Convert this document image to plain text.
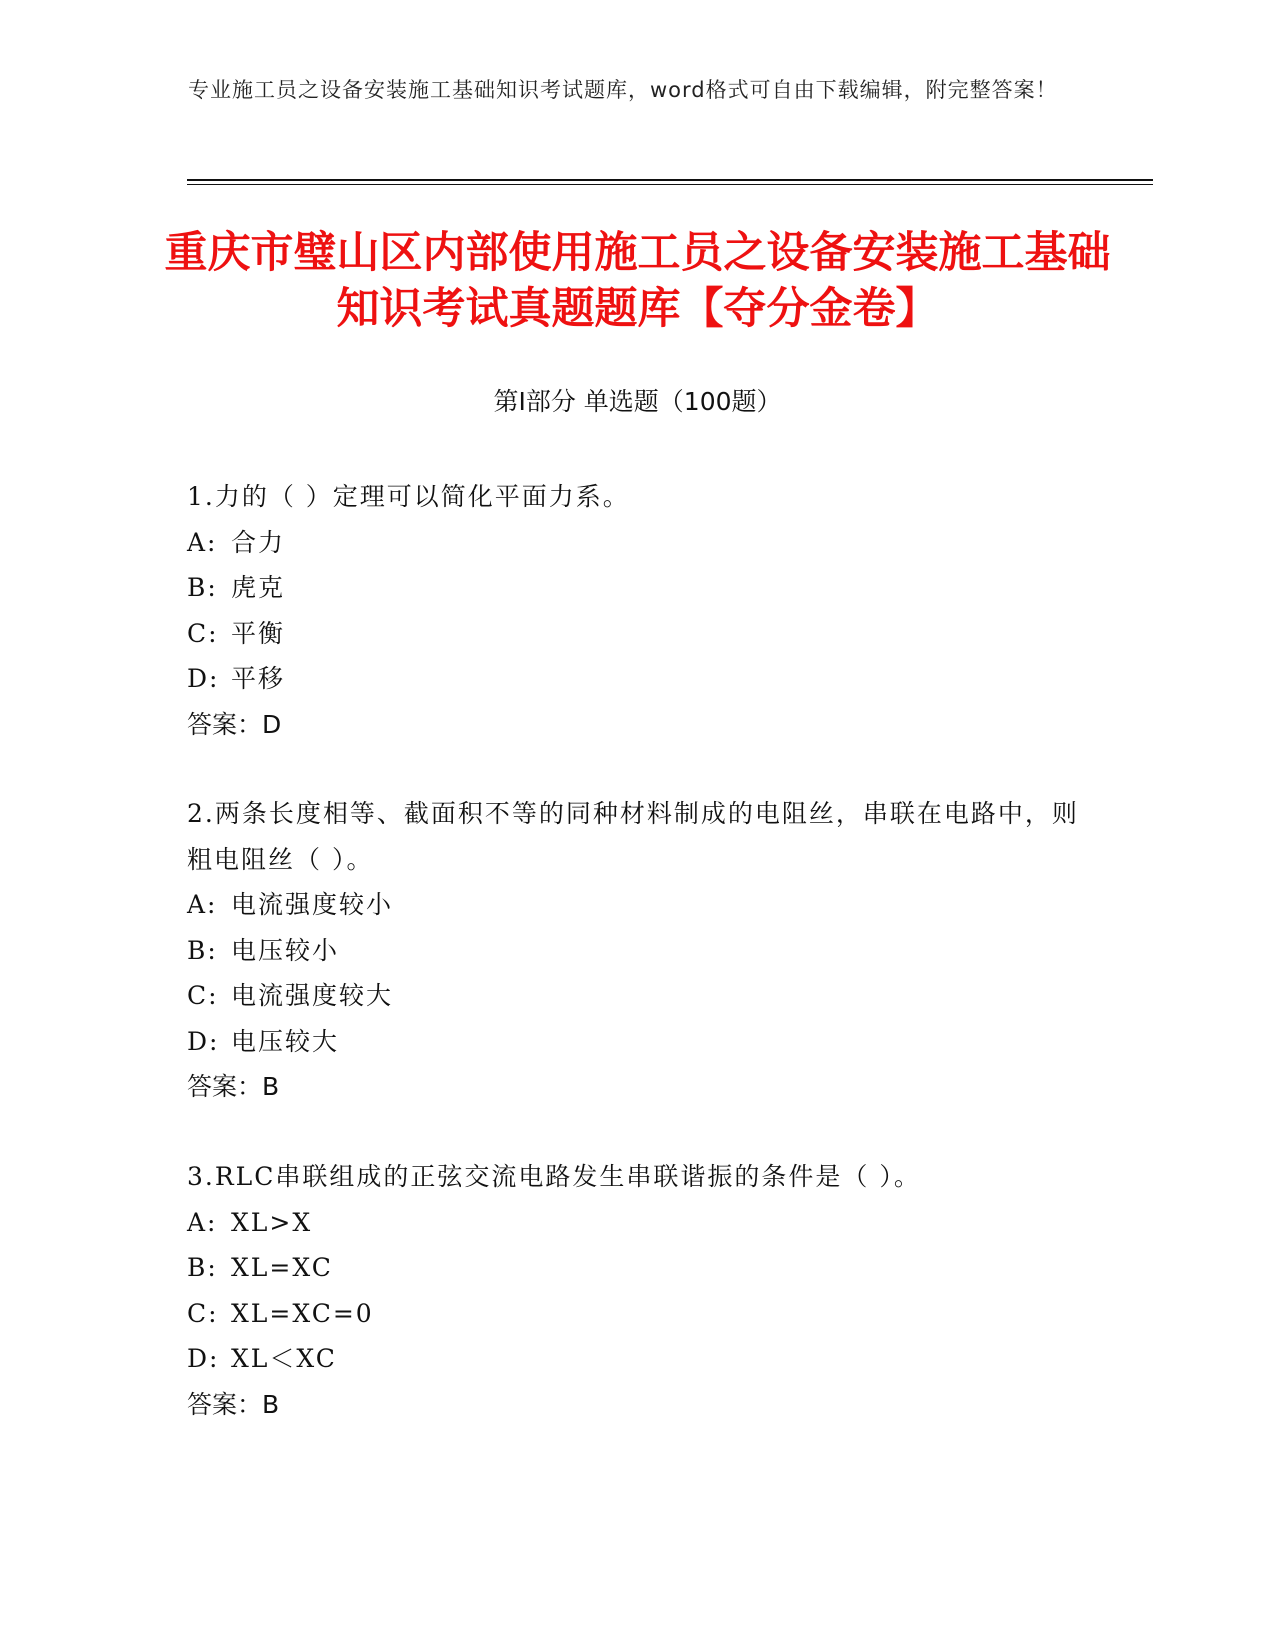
专业施工员之设备安装施工基础知识考试题库，word格式可自由下载编辑，附完整答案！
重庆市璧山区内部使用施工员之设备安装施工基础知识考试真题题库【夺分金卷】
第Ⅰ部分 单选题（100题）
1.力的（ ）定理可以简化平面力系。
A: 合力
B: 虎克
C: 平衡
D: 平移
答案：D
2.两条长度相等、截面积不等的同种材料制成的电阻丝，串联在电路中，则粗电阻丝（ ）。
A: 电流强度较小
B: 电压较小
C: 电流强度较大
D: 电压较大
答案：B
3.RLC串联组成的正弦交流电路发生串联谐振的条件是（ ）。
A: XL>X
B: XL=XC
C: XL=XC=0
D: XL＜XC
答案：B
